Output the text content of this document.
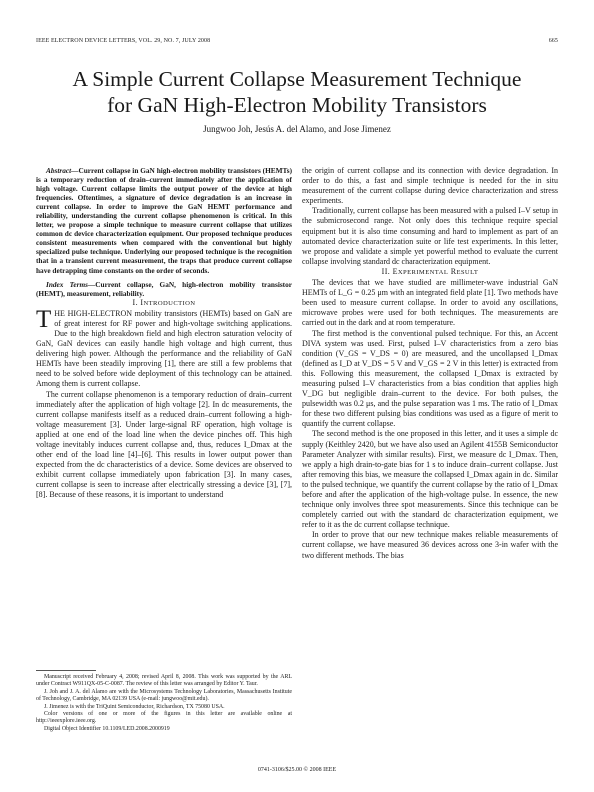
IEEE ELECTRON DEVICE LETTERS, VOL. 29, NO. 7, JULY 2008	665
A Simple Current Collapse Measurement Technique
for GaN High-Electron Mobility Transistors
Jungwoo Joh, Jesús A. del Alamo, and Jose Jimenez

Abstract—Current collapse in GaN high-electron mobility transistors (HEMTs) is a temporary reduction of drain–current immediately after the application of high voltage. Current collapse limits the output power of the device at high frequencies. Oftentimes, a signature of device degradation is an increase in current collapse. In order to improve the GaN HEMT performance and reliability, understanding the current collapse phenomenon is critical. In this letter, we propose a simple technique to measure current collapse that utilizes common dc device characterization equipment. Our proposed technique produces consistent measurements when compared with the conventional but highly specialized pulse technique. Underlying our proposed technique is the recognition that in a transient current measurement, the traps that produce current collapse have detrapping time constants on the order of seconds.

Index Terms—Current collapse, GaN, high-electron mobility transistor (HEMT), measurement, reliability.

I. INTRODUCTION

THE HIGH-ELECTRON mobility transistors (HEMTs) based on GaN are of great interest for RF power and high-voltage switching applications. Due to the high breakdown field and high electron saturation velocity of GaN, GaN devices can easily handle high voltage and high current, thus delivering high power. Although the performance and the reliability of GaN HEMTs have been steadily improving [1], there are still a few problems that need to be solved before wide deployment of this technology can be attained. Among them is current collapse.

The current collapse phenomenon is a temporary reduction of drain–current immediately after the application of high voltage [2]. In dc measurements, the current collapse manifests itself as a reduced drain–current following a high-voltage measurement [3]. Under large-signal RF operation, high voltage is applied at one end of the load line when the device pinches off. This high voltage inevitably induces current collapse and, thus, reduces I_Dmax at the other end of the load line [4]–[6]. This results in lower output power than expected from the dc characteristics of a device. Some devices are observed to exhibit current collapse immediately upon fabrication [3]. In many cases, current collapse is seen to increase after electrically stressing a device [3], [7], [8]. Because of these reasons, it is important to understand

Manuscript received February 4, 2008; revised April 8, 2008. This work was supported by the ARL under Contract W911QX-05-C-0087. The review of this letter was arranged by Editor Y. Taur.

J. Joh and J. A. del Alamo are with the Microsystems Technology Laboratories, Massachusetts Institute of Technology, Cambridge, MA 02139 USA (e-mail: jungwoo@mit.edu).

J. Jimenez is with the TriQuint Semiconductor, Richardson, TX 75080 USA.

Color versions of one or more of the figures in this letter are available online at http://ieeexplore.ieee.org.

Digital Object Identifier 10.1109/LED.2008.2000919

the origin of current collapse and its connection with device degradation. In order to do this, a fast and simple technique is needed for the in situ measurement of the current collapse during device characterization and stress experiments.

Traditionally, current collapse has been measured with a pulsed I–V setup in the submicrosecond range. Not only does this technique require special equipment but it is also time consuming and hard to implement as part of an automated device characterization suite or life test experiments. In this letter, we propose and validate a simple yet powerful method to evaluate the current collapse involving standard dc characterization equipment.

II. EXPERIMENTAL RESULT

The devices that we have studied are millimeter-wave industrial GaN HEMTs of L_G = 0.25 μm with an integrated field plate [1]. Two methods have been used to measure current collapse. In order to avoid any oscillations, microwave probes were used for both techniques. The measurements are carried out in the dark and at room temperature.

The first method is the conventional pulsed technique. For this, an Accent DIVA system was used. First, pulsed I–V characteristics from a zero bias condition (V_GS = V_DS = 0) are measured, and the uncollapsed I_Dmax (defined as I_D at V_DS = 5 V and V_GS = 2 V in this letter) is extracted from this. Following this measurement, the collapsed I_Dmax is extracted by measuring pulsed I–V characteristics from a bias condition that applies high V_DG but negligible drain–current to the device. For both pulses, the pulsewidth was 0.2 μs, and the pulse separation was 1 ms. The ratio of I_Dmax for these two different pulsing bias conditions was used as a figure of merit to quantify the current collapse.

The second method is the one proposed in this letter, and it uses a simple dc supply (Keithley 2420, but we have also used an Agilent 4155B Semiconductor Parameter Analyzer with similar results). First, we measure dc I_Dmax. Then, we apply a high drain-to-gate bias for 1 s to induce drain–current collapse. Just after removing this bias, we measure the collapsed I_Dmax again in dc. Similar to the pulsed technique, we quantify the current collapse by the ratio of I_Dmax before and after the application of the high-voltage pulse. In essence, the new technique only involves three spot measurements. Since this technique can be completely carried out with the standard dc characterization equipment, we refer to it as the dc current collapse technique.

In order to prove that our new technique makes reliable measurements of current collapse, we have measured 36 devices across one 3-in wafer with the two different methods. The bias

0741-3106/$25.00 © 2008 IEEE
